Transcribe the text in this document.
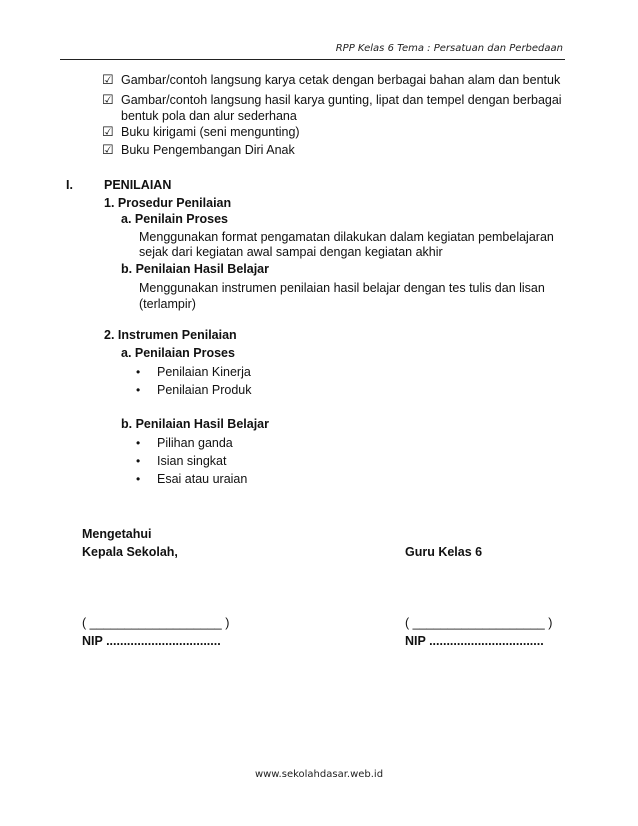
RPP Kelas 6 Tema : Persatuan dan Perbedaan
☑ Gambar/contoh langsung karya cetak dengan berbagai bahan alam dan bentuk
☑ Gambar/contoh langsung hasil karya gunting, lipat dan tempel dengan berbagai
bentuk pola dan alur sederhana
☑ Buku kirigami (seni mengunting)
☑ Buku Pengembangan Diri Anak
I. PENILAIAN
1. Prosedur Penilaian
a. Penilain Proses
Menggunakan format pengamatan dilakukan dalam kegiatan pembelajaran
sejak dari kegiatan awal sampai dengan kegiatan akhir
b. Penilaian Hasil Belajar
Menggunakan instrumen penilaian hasil belajar dengan tes tulis dan lisan
(terlampir)
2. Instrumen Penilaian
a. Penilaian Proses
• Penilaian Kinerja
• Penilaian Produk
b. Penilaian Hasil Belajar
• Pilihan ganda
• Isian singkat
• Esai atau uraian
Mengetahui
Kepala Sekolah,	Guru Kelas 6
( ___________________ )	( ___________________ )
NIP .................................	NIP .................................
www.sekolahdasar.web.id
